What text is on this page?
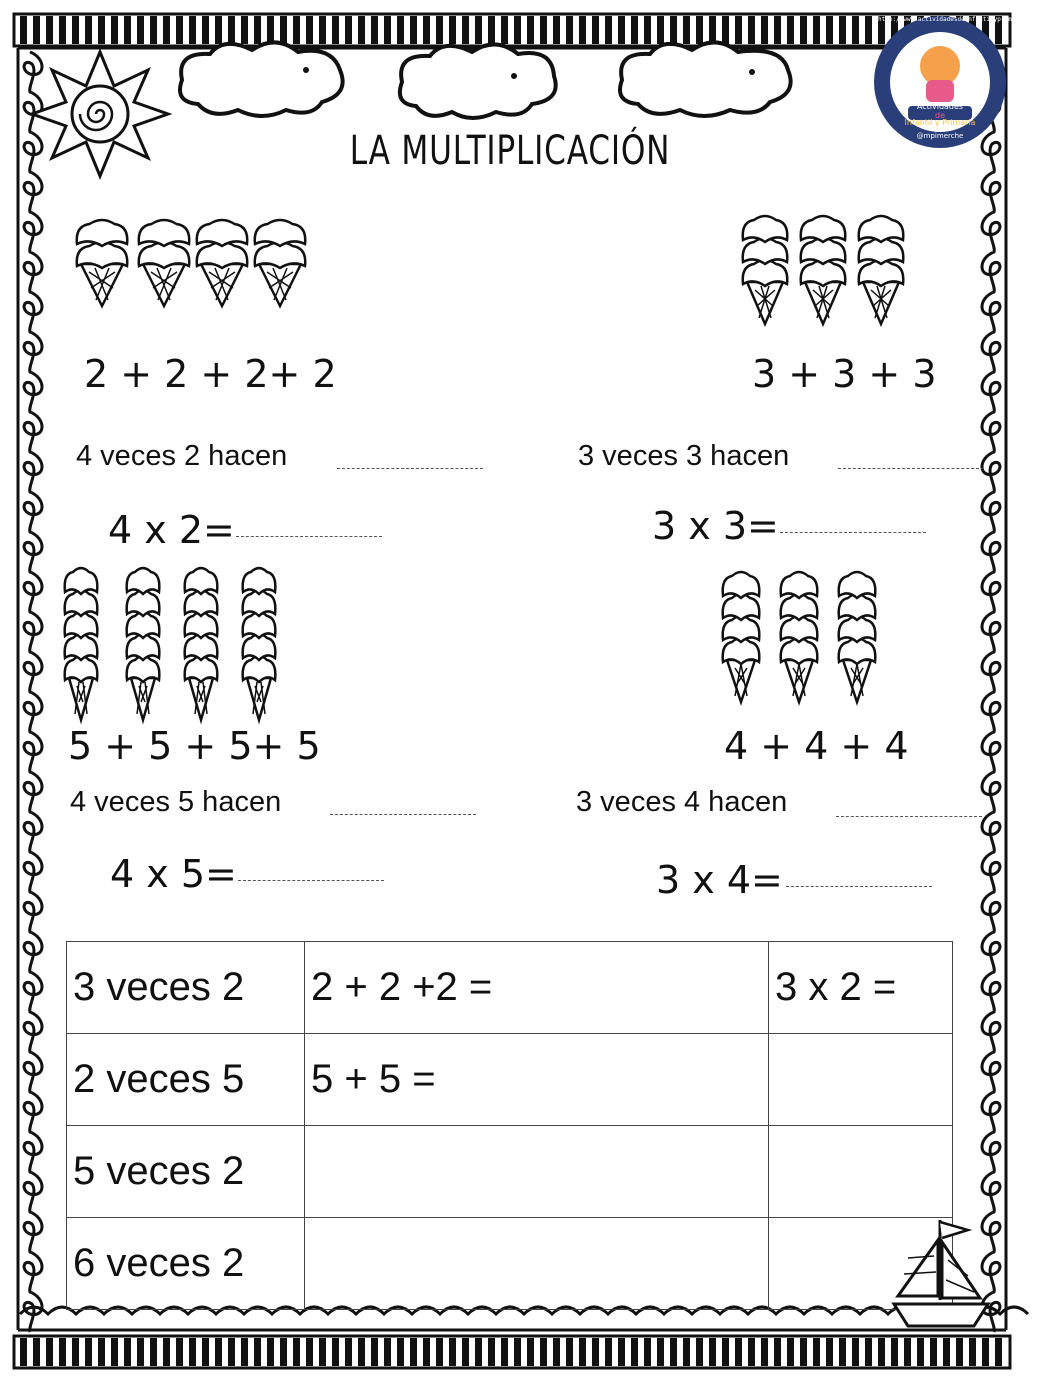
Actividades
de
Infantil y Primaria
@mpimerche
http://www.actividadesdeinfantilyprimaria.com
LA MULTIPLICACIÓN
2 + 2 + 2+ 2
4 veces 2 hacen
4 x 2=
3 + 3 + 3
3 veces 3 hacen
3 x 3=
5 + 5 + 5+ 5
4 veces 5 hacen
4 x 5=
4 + 4 + 4
3 veces 4 hacen
3 x 4=
3 veces 2	2 + 2 +2 =	3 x 2 =
2 veces 5	5 + 5 =	
5 veces 2		
6 veces 2		
